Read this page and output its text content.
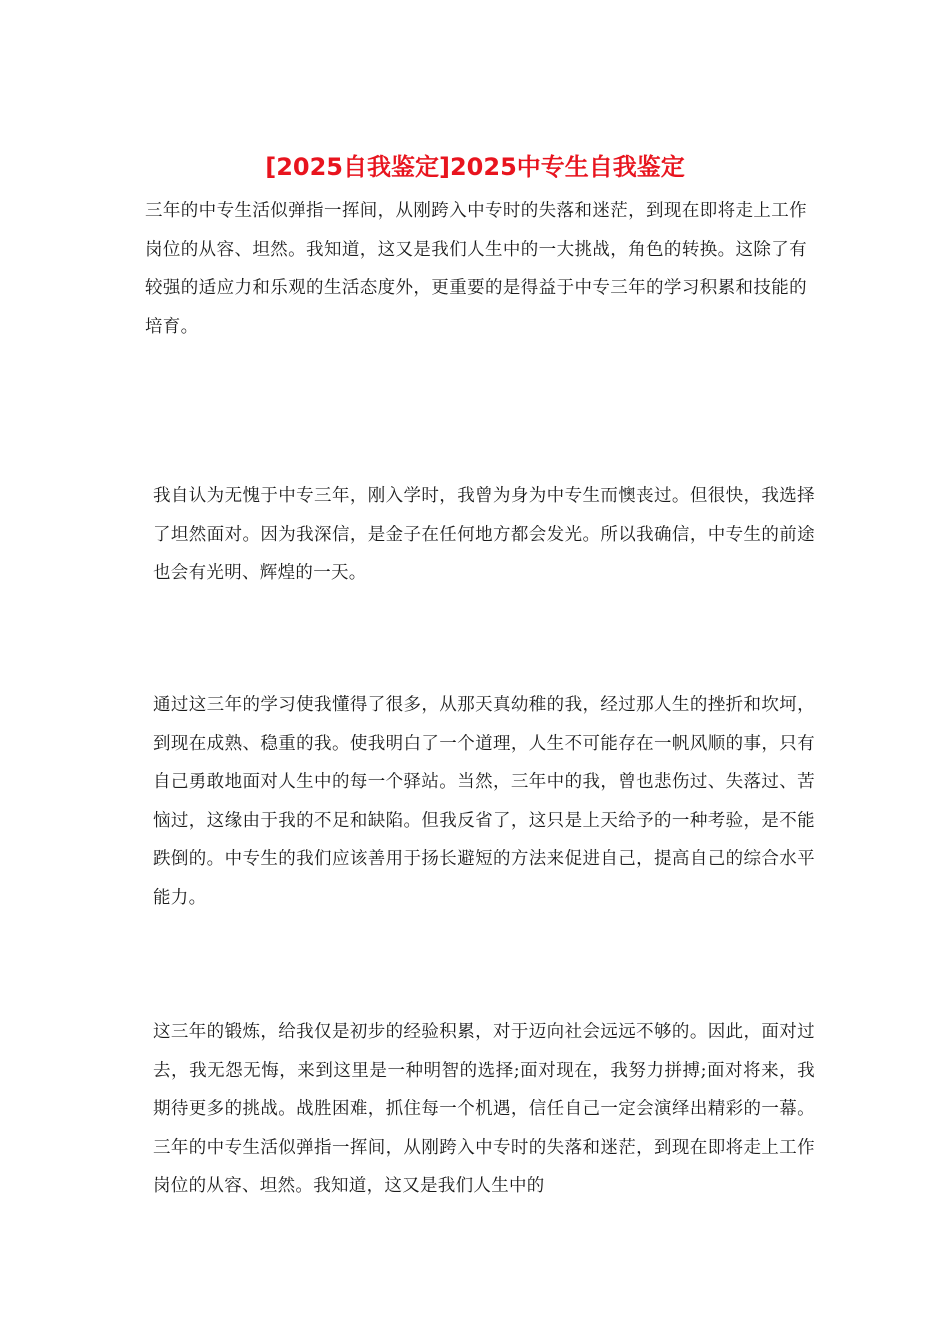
[2025自我鉴定]2025中专生自我鉴定

三年的中专生活似弹指一挥间，从刚跨入中专时的失落和迷茫，到现在即将走上工作岗位的从容、坦然。我知道，这又是我们人生中的一大挑战，角色的转换。这除了有较强的适应力和乐观的生活态度外，更重要的是得益于中专三年的学习积累和技能的培育。

我自认为无愧于中专三年，刚入学时，我曾为身为中专生而懊丧过。但很快，我选择了坦然面对。因为我深信，是金子在任何地方都会发光。所以我确信，中专生的前途也会有光明、辉煌的一天。

通过这三年的学习使我懂得了很多，从那天真幼稚的我，经过那人生的挫折和坎坷，到现在成熟、稳重的我。使我明白了一个道理，人生不可能存在一帆风顺的事，只有自己勇敢地面对人生中的每一个驿站。当然，三年中的我，曾也悲伤过、失落过、苦恼过，这缘由于我的不足和缺陷。但我反省了，这只是上天给予的一种考验，是不能跌倒的。中专生的我们应该善用于扬长避短的方法来促进自己，提高自己的综合水平能力。

这三年的锻炼，给我仅是初步的经验积累，对于迈向社会远远不够的。因此，面对过去，我无怨无悔，来到这里是一种明智的选择;面对现在，我努力拼搏;面对将来，我期待更多的挑战。战胜困难，抓住每一个机遇，信任自己一定会演绎出精彩的一幕。三年的中专生活似弹指一挥间，从刚跨入中专时的失落和迷茫，到现在即将走上工作岗位的从容、坦然。我知道，这又是我们人生中的
